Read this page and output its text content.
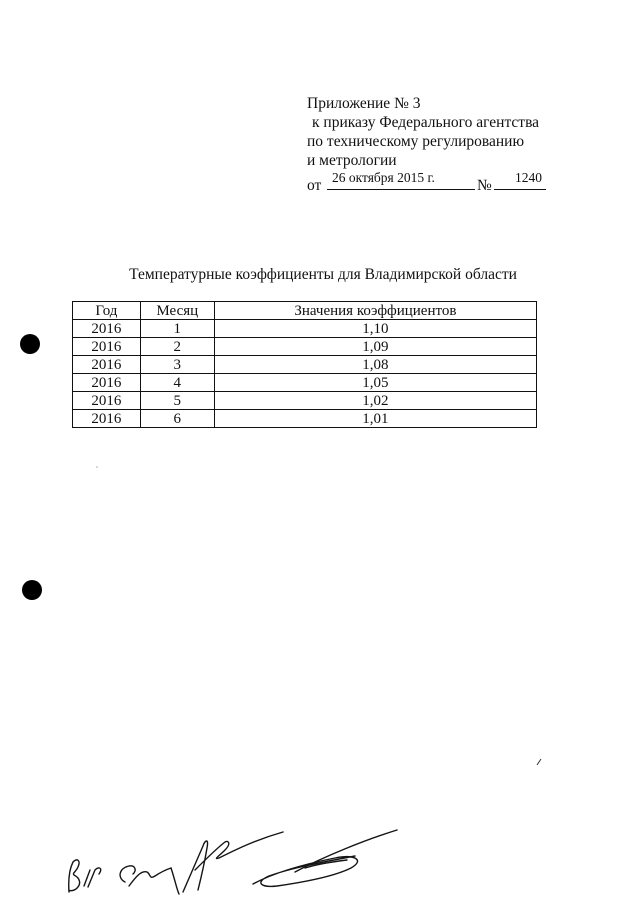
Приложение № 3
к приказу Федерального агентства
по техническому регулированию
и метрологии
от 26 октября 2015 г.	№ 1240
Температурные коэффициенты для Владимирской области
Год	Месяц	Значения коэффициентов
2016	1	1,10
2016	2	1,09
2016	3	1,08
2016	4	1,05
2016	5	1,02
2016	6	1,01
